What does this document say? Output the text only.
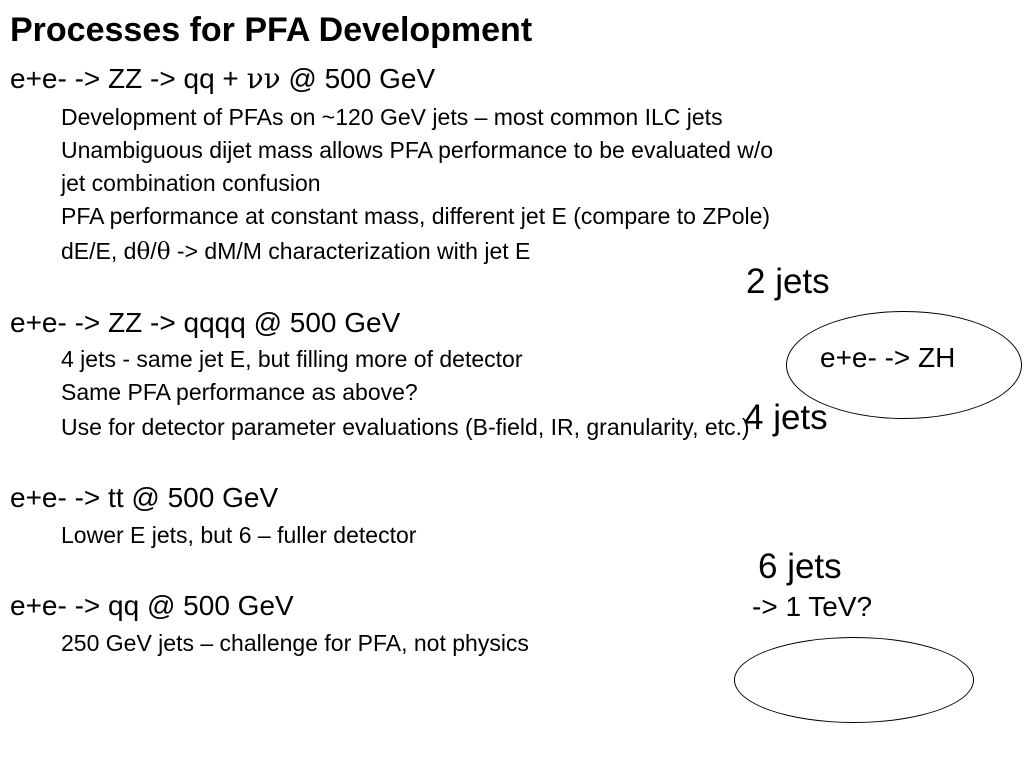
Processes for PFA Development
e+e- -> ZZ -> qq + νν @ 500 GeV
Development of PFAs on ~120 GeV jets – most common ILC jets
Unambiguous dijet mass allows PFA performance to be evaluated w/o
jet combination confusion
PFA performance at constant mass, different jet E (compare to ZPole)
dE/E, dθ/θ -> dM/M characterization with jet E
e+e- -> ZZ -> qqqq @ 500 GeV
4 jets - same jet E, but filling more of detector
Same PFA performance as above?
Use for detector parameter evaluations (B-field, IR, granularity, etc.)
e+e- -> tt @ 500 GeV
Lower E jets, but 6 – fuller detector
e+e- -> qq @ 500 GeV
250 GeV jets – challenge for PFA, not physics
2 jets
e+e- -> ZH
4 jets
6 jets
-> 1 TeV?
